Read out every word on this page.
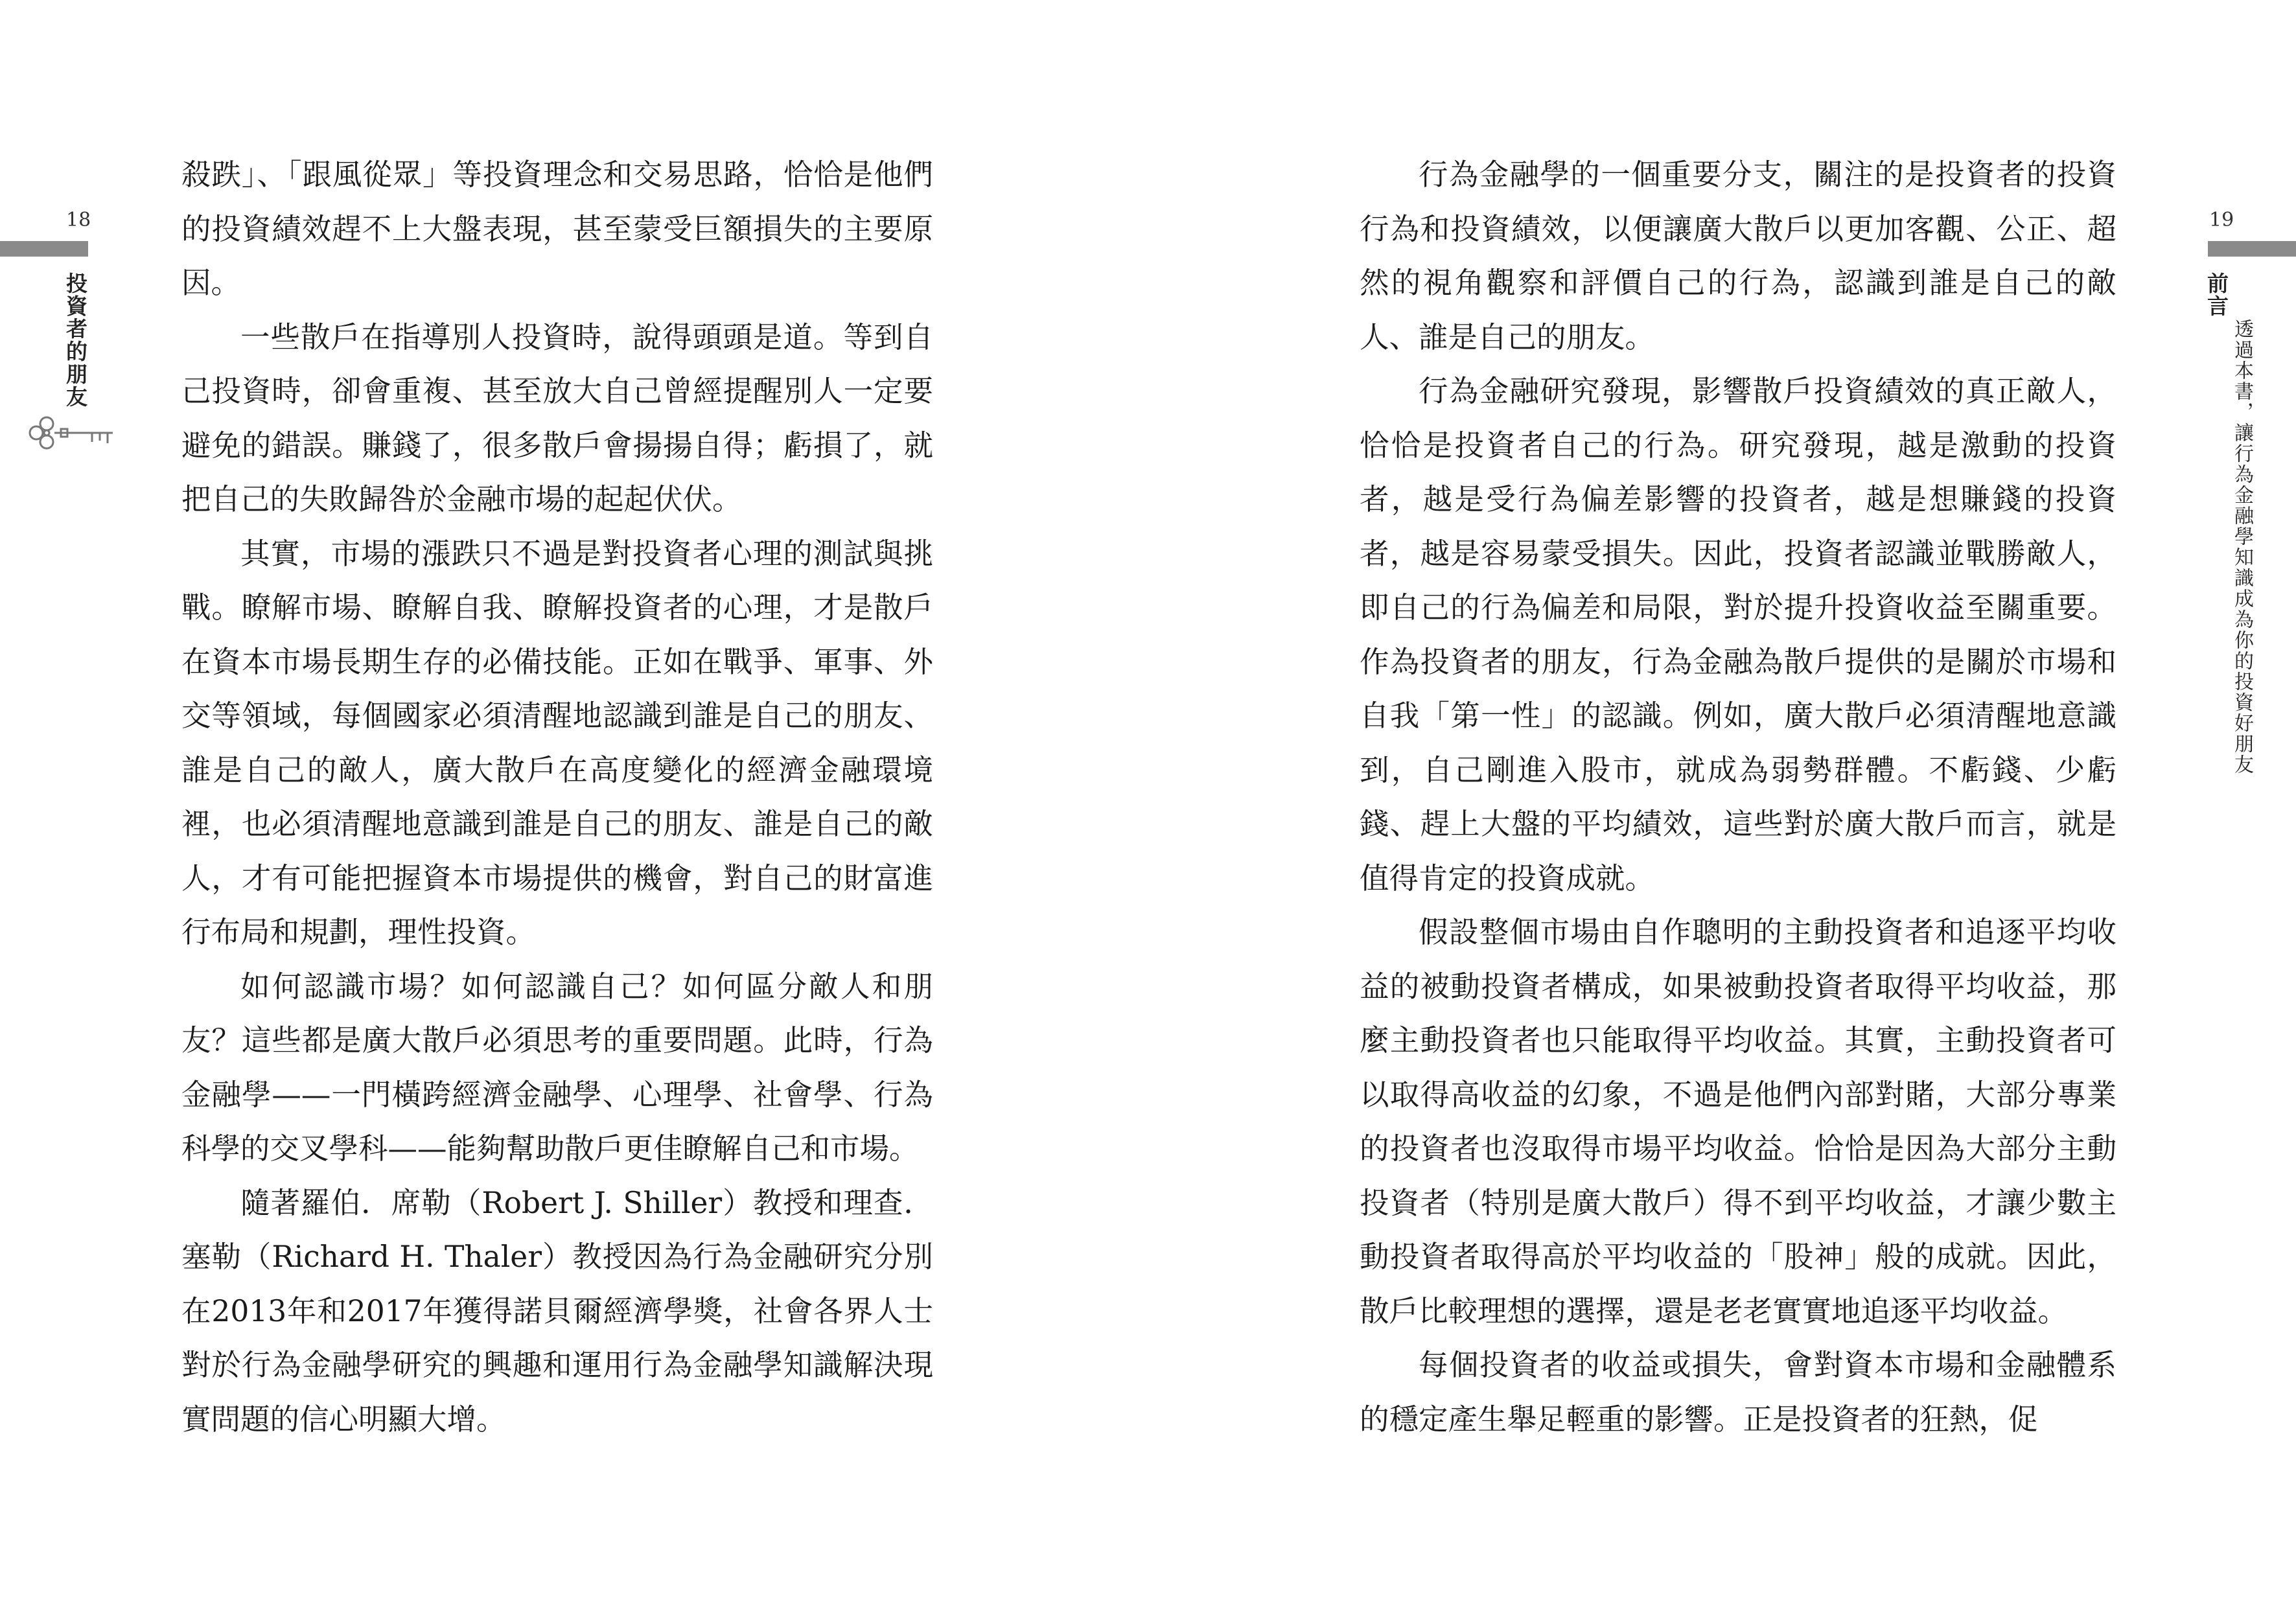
18
投資者的朋友

殺跌」、「跟風從眾」等投資理念和交易思路，恰恰是他們的投資績效趕不上大盤表現，甚至蒙受巨額損失的主要原因。

一些散戶在指導別人投資時，說得頭頭是道。等到自己投資時，卻會重複、甚至放大自己曾經提醒別人一定要避免的錯誤。賺錢了，很多散戶會揚揚自得；虧損了，就把自己的失敗歸咎於金融市場的起起伏伏。

其實，市場的漲跌只不過是對投資者心理的測試與挑戰。瞭解市場、瞭解自我、瞭解投資者的心理，才是散戶在資本市場長期生存的必備技能。正如在戰爭、軍事、外交等領域，每個國家必須清醒地認識到誰是自己的朋友、誰是自己的敵人，廣大散戶在高度變化的經濟金融環境裡，也必須清醒地意識到誰是自己的朋友、誰是自己的敵人，才有可能把握資本市場提供的機會，對自己的財富進行布局和規劃，理性投資。

如何認識市場？如何認識自己？如何區分敵人和朋友？這些都是廣大散戶必須思考的重要問題。此時，行為金融學——一門橫跨經濟金融學、心理學、社會學、行為科學的交叉學科——能夠幫助散戶更佳瞭解自己和市場。

隨著羅伯．席勒（Robert J. Shiller）教授和理查．塞勒（Richard H. Thaler）教授因為行為金融研究分別在2013年和2017年獲得諾貝爾經濟學獎，社會各界人士對於行為金融學研究的興趣和運用行為金融學知識解決現實問題的信心明顯大增。

19
前言
透過本書，讓行為金融學知識成為你的投資好朋友

行為金融學的一個重要分支，關注的是投資者的投資行為和投資績效，以便讓廣大散戶以更加客觀、公正、超然的視角觀察和評價自己的行為，認識到誰是自己的敵人、誰是自己的朋友。

行為金融研究發現，影響散戶投資績效的真正敵人，恰恰是投資者自己的行為。研究發現，越是激動的投資者，越是受行為偏差影響的投資者，越是想賺錢的投資者，越是容易蒙受損失。因此，投資者認識並戰勝敵人，即自己的行為偏差和局限，對於提升投資收益至關重要。作為投資者的朋友，行為金融為散戶提供的是關於市場和自我「第一性」的認識。例如，廣大散戶必須清醒地意識到，自己剛進入股市，就成為弱勢群體。不虧錢、少虧錢、趕上大盤的平均績效，這些對於廣大散戶而言，就是值得肯定的投資成就。

假設整個市場由自作聰明的主動投資者和追逐平均收益的被動投資者構成，如果被動投資者取得平均收益，那麼主動投資者也只能取得平均收益。其實，主動投資者可以取得高收益的幻象，不過是他們內部對賭，大部分專業的投資者也沒取得市場平均收益。恰恰是因為大部分主動投資者（特別是廣大散戶）得不到平均收益，才讓少數主動投資者取得高於平均收益的「股神」般的成就。因此，散戶比較理想的選擇，還是老老實實地追逐平均收益。

每個投資者的收益或損失，會對資本市場和金融體系的穩定產生舉足輕重的影響。正是投資者的狂熱，促
